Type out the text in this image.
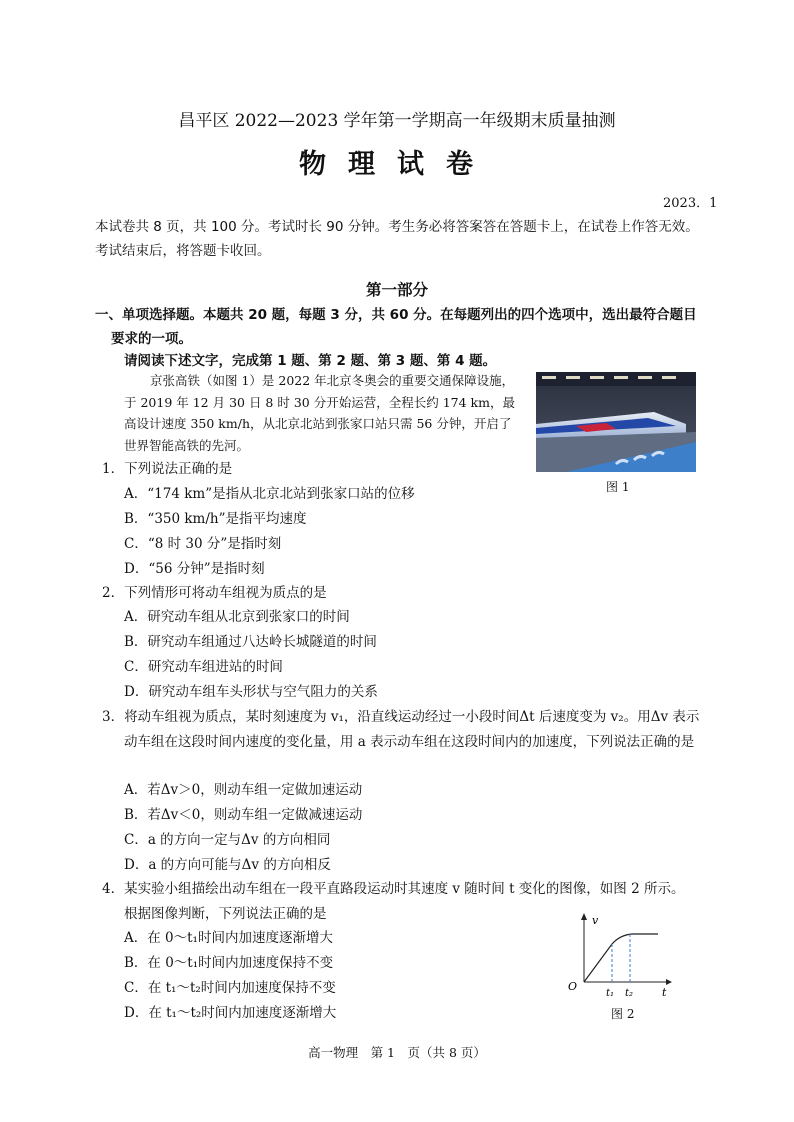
昌平区 2022—2023 学年第一学期高一年级期末质量抽测
物理试卷
2023．1
本试卷共 8 页，共 100 分。考试时长 90 分钟。考生务必将答案答在答题卡上，在试卷上作答无效。考试结束后，将答题卡收回。
第一部分
一、单项选择题。本题共 20 题，每题 3 分，共 60 分。在每题列出的四个选项中，选出最符合题目要求的一项。
请阅读下述文字，完成第 1 题、第 2 题、第 3 题、第 4 题。
京张高铁（如图 1）是 2022 年北京冬奥会的重要交通保障设施，于 2019 年 12 月 30 日 8 时 30 分开始运营，全程长约 174 km，最高设计速度 350 km/h，从北京北站到张家口站只需 56 分钟，开启了世界智能高铁的先河。
图 1
1．下列说法正确的是
A．“174 km”是指从北京北站到张家口站的位移
B．“350 km/h”是指平均速度
C．“8 时 30 分”是指时刻
D．“56 分钟”是指时刻
2．下列情形可将动车组视为质点的是
A．研究动车组从北京到张家口的时间
B．研究动车组通过八达岭长城隧道的时间
C．研究动车组进站的时间
D．研究动车组车头形状与空气阻力的关系
3．将动车组视为质点，某时刻速度为 v₁，沿直线运动经过一小段时间Δt 后速度变为 v₂。用Δv 表示动车组在这段时间内速度的变化量，用 a 表示动车组在这段时间内的加速度，下列说法正确的是
A．若Δv＞0，则动车组一定做加速运动
B．若Δv＜0，则动车组一定做减速运动
C．a 的方向一定与Δv 的方向相同
D．a 的方向可能与Δv 的方向相反
4．某实验小组描绘出动车组在一段平直路段运动时其速度 v 随时间 t 变化的图像，如图 2 所示。
根据图像判断，下列说法正确的是
A．在 0～t₁时间内加速度逐渐增大
B．在 0～t₁时间内加速度保持不变
C．在 t₁～t₂时间内加速度保持不变
D．在 t₁～t₂时间内加速度逐渐增大
v
O
t₁ t₂	t
图 2
高一物理　第 1　页（共 8 页）
